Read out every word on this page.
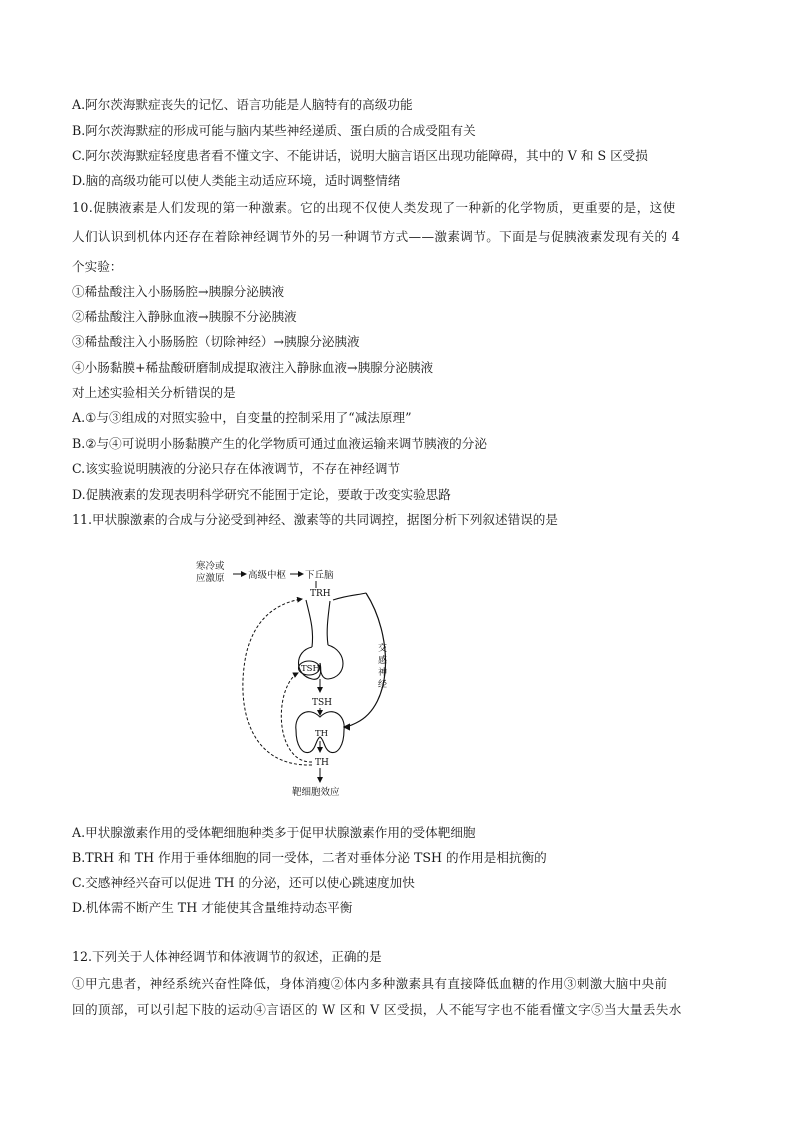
A.阿尔茨海默症丧失的记忆、语言功能是人脑特有的高级功能
B.阿尔茨海默症的形成可能与脑内某些神经递质、蛋白质的合成受阻有关
C.阿尔茨海默症轻度患者看不懂文字、不能讲话，说明大脑言语区出现功能障碍，其中的 V 和 S 区受损
D.脑的高级功能可以使人类能主动适应环境，适时调整情绪
10.促胰液素是人们发现的第一种激素。它的出现不仅使人类发现了一种新的化学物质，更重要的是，这使
人们认识到机体内还存在着除神经调节外的另一种调节方式——激素调节。下面是与促胰液素发现有关的 4
个实验：
①稀盐酸注入小肠肠腔→胰腺分泌胰液
②稀盐酸注入静脉血液→胰腺不分泌胰液
③稀盐酸注入小肠肠腔（切除神经）→胰腺分泌胰液
④小肠黏膜+稀盐酸研磨制成提取液注入静脉血液→胰腺分泌胰液
对上述实验相关分析错误的是
A.①与③组成的对照实验中，自变量的控制采用了“减法原理”
B.②与④可说明小肠黏膜产生的化学物质可通过血液运输来调节胰液的分泌
C.该实验说明胰液的分泌只存在体液调节，不存在神经调节
D.促胰液素的发现表明科学研究不能囿于定论，要敢于改变实验思路
11.甲状腺激素的合成与分泌受到神经、激素等的共同调控，据图分析下列叙述错误的是
寒冷或
应激原 高级中枢 下丘脑
TRH
TSH
TSH
TH
TH
靶细胞效应
交
感
神
经
A.甲状腺激素作用的受体靶细胞种类多于促甲状腺激素作用的受体靶细胞
B.TRH 和 TH 作用于垂体细胞的同一受体，二者对垂体分泌 TSH 的作用是相抗衡的
C.交感神经兴奋可以促进 TH 的分泌，还可以使心跳速度加快
D.机体需不断产生 TH 才能使其含量维持动态平衡
12.下列关于人体神经调节和体液调节的叙述，正确的是
①甲亢患者，神经系统兴奋性降低，身体消瘦②体内多种激素具有直接降低血糖的作用③刺激大脑中央前
回的顶部，可以引起下肢的运动④言语区的 W 区和 V 区受损，人不能写字也不能看懂文字⑤当大量丢失水
